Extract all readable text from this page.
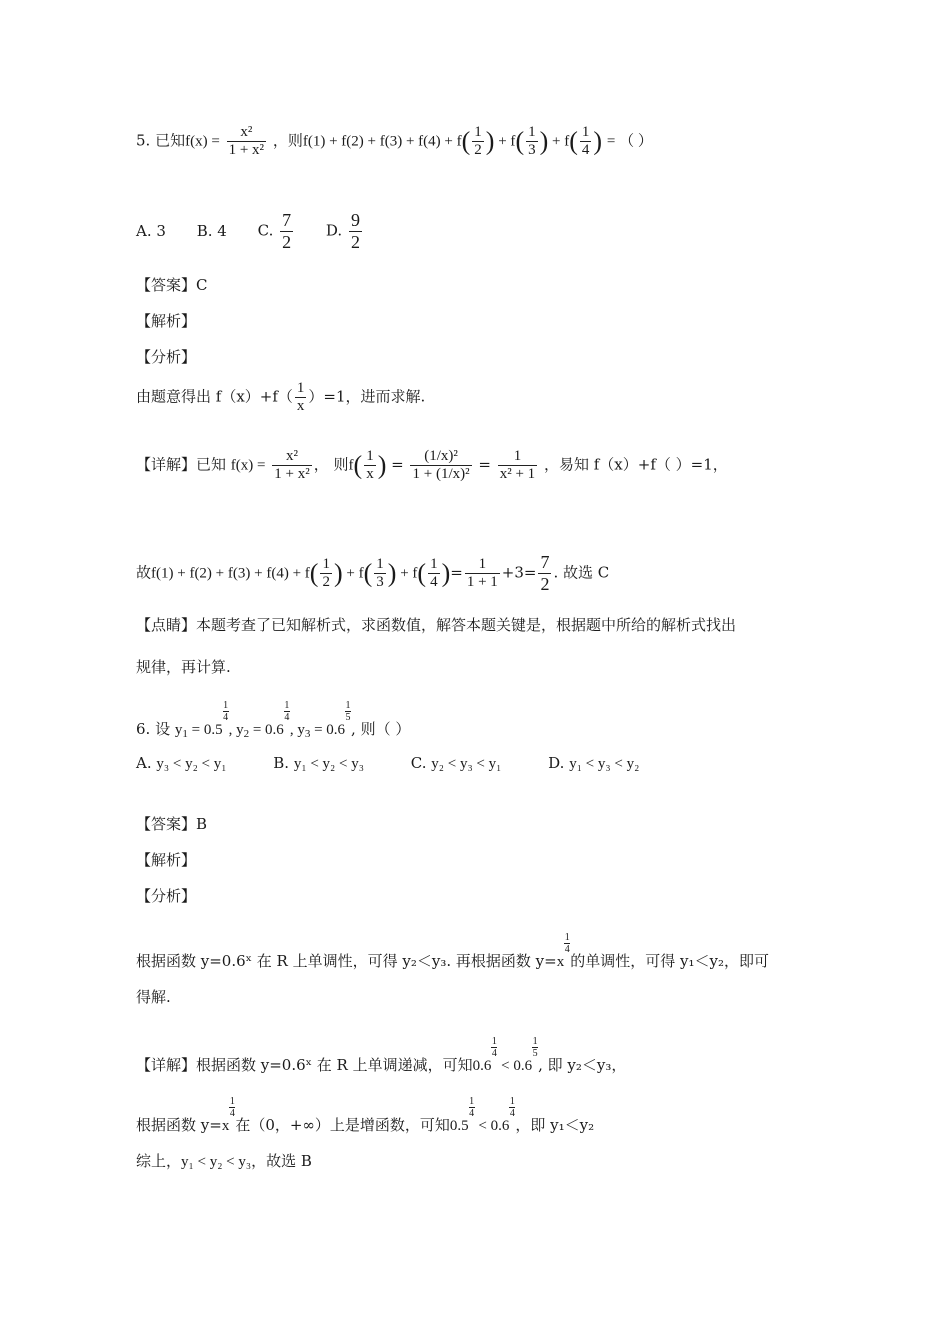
5. 已知$f(x) = \frac{\text{x²}}{\text{1 + x²}}$ ，则$f(1) + f(2) + f(3) + f(4) + f( \frac{1}{2}$ ) + $f( \frac{1}{3}$ ) + $f( \frac{1}{4}$ ) = （ ）
A. 3 B. 4 C. $\frac{7}{2} D$. $\frac{9}{2}$
【答案】C
【解析】
【分析】
由题意得出 $f(x)+f( \frac{1}{x} )=1$，进而求解.
【详解】已知 $f(x) = \frac{\text{x²}}{\text{1 + x²}}$ ， 则$f( \frac{1}{x}$ ) = $\frac{\text{(1/x)²}}{\text{1 + (1/x)²}} = \frac{1}{\text{x² + 1}}$ ，易知 f（x）+f（ ）=1，
故$f(1) + f(2) + f(3) + f(4) + f( \frac{1}{2}$ ) + $f( \frac{1}{3}$ ) + $f( \frac{1}{4}$ )= $\frac{1}{1 + 1} +3= \frac{7}{2}$ . 故选 C
【点睛】本题考查了已知解析式，求函数值，解答本题关键是，根据题中所给的解析式找出
规律，再计算.
6. 设 $y_1 = 0.5\frac{1}{4}$, $y_2 = 0.6\frac{1}{4}$, $y_3 = 0.6\frac{1}{5}$, 则（ ）
A. y₃ < y₂ < y₁	B. y₁ < y₂ < y₃	C. y₂ < y₃ < y₁	D. y₁ < y₃ < y₂
【答案】B
【解析】
【分析】
根据函数 y=0.6ˣ 在 R 上单调性，可得 y₂＜y₃. 再根据函数 $y=x\frac{1}{4}$的单调性，可得 y₁＜y₂，即可
得解.
【详解】根据函数 y=0.6ˣ 在 R 上单调递减，可知$0.6\frac{1}{4} < 0.6\frac{1}{5}$, 即 y₂＜y₃，
根据函数 $y=x\frac{1}{4}$在（0，+∞）上是增函数，可知$0.5\frac{1}{4} < 0.6\frac{1}{4}$，即 y₁＜y₂
综上，y₁ < y₂ < y₃，故选 B
